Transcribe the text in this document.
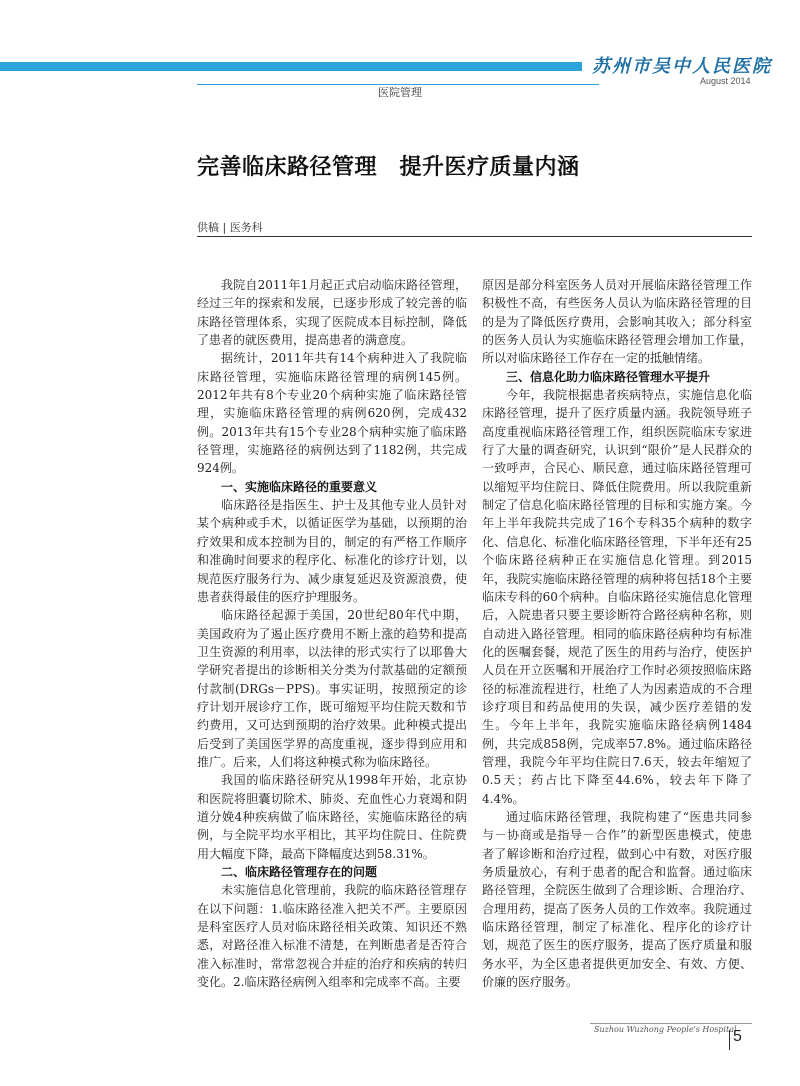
苏州市吴中人民医院
August 2014
医院管理
完善临床路径管理　提升医疗质量内涵
供稿 | 医务科

我院自2011年1月起正式启动临床路径管理，经过三年的探索和发展，已逐步形成了较完善的临床路径管理体系，实现了医院成本目标控制，降低了患者的就医费用，提高患者的满意度。

据统计，2011年共有14个病种进入了我院临床路径管理，实施临床路径管理的病例145例。2012年共有8个专业20个病种实施了临床路径管理，实施临床路径管理的病例620例，完成432例。2013年共有15个专业28个病种实施了临床路径管理，实施路径的病例达到了1182例，共完成924例。

一、实施临床路径的重要意义

临床路径是指医生、护士及其他专业人员针对某个病种或手术，以循证医学为基础，以预期的治疗效果和成本控制为目的，制定的有严格工作顺序和准确时间要求的程序化、标准化的诊疗计划，以规范医疗服务行为、减少康复延迟及资源浪费，使患者获得最佳的医疗护理服务。

临床路径起源于美国，20世纪80年代中期，美国政府为了遏止医疗费用不断上涨的趋势和提高卫生资源的利用率，以法律的形式实行了以耶鲁大学研究者提出的诊断相关分类为付款基础的定额预付款制(DRGs－PPS)。事实证明，按照预定的诊疗计划开展诊疗工作，既可缩短平均住院天数和节约费用，又可达到预期的治疗效果。此种模式提出后受到了美国医学界的高度重视，逐步得到应用和推广。后来，人们将这种模式称为临床路径。

我国的临床路径研究从1998年开始，北京协和医院将胆囊切除术、肺炎、充血性心力衰竭和阴道分娩4种疾病做了临床路径，实施临床路径的病例，与全院平均水平相比，其平均住院日、住院费用大幅度下降，最高下降幅度达到58.31%。

二、临床路径管理存在的问题

未实施信息化管理前，我院的临床路径管理存在以下问题：1.临床路径准入把关不严。主要原因是科室医疗人员对临床路径相关政策、知识还不熟悉，对路径准入标准不清楚，在判断患者是否符合准入标准时，常常忽视合并症的治疗和疾病的转归变化。2.临床路径病例入组率和完成率不高。主要

原因是部分科室医务人员对开展临床路径管理工作积极性不高，有些医务人员认为临床路径管理的目的是为了降低医疗费用，会影响其收入；部分科室的医务人员认为实施临床路径管理会增加工作量，所以对临床路径工作存在一定的抵触情绪。

三、信息化助力临床路径管理水平提升

今年，我院根据患者疾病特点，实施信息化临床路径管理，提升了医疗质量内涵。我院领导班子高度重视临床路径管理工作，组织医院临床专家进行了大量的调查研究，认识到“限价”是人民群众的一致呼声，合民心、顺民意，通过临床路径管理可以缩短平均住院日、降低住院费用。所以我院重新制定了信息化临床路径管理的目标和实施方案。今年上半年我院共完成了16个专科35个病种的数字化、信息化、标准化临床路径管理，下半年还有25个临床路径病种正在实施信息化管理。到2015年，我院实施临床路径管理的病种将包括18个主要临床专科的60个病种。自临床路径实施信息化管理后，入院患者只要主要诊断符合路径病种名称，则自动进入路径管理。相同的临床路径病种均有标准化的医嘱套餐，规范了医生的用药与治疗，使医护人员在开立医嘱和开展治疗工作时必须按照临床路径的标准流程进行，杜绝了人为因素造成的不合理诊疗项目和药品使用的失误，减少医疗差错的发生。今年上半年，我院实施临床路径病例1484例，共完成858例，完成率57.8%。通过临床路径管理，我院今年平均住院日7.6天，较去年缩短了0.5天；药占比下降至44.6%，较去年下降了4.4%。

通过临床路径管理，我院构建了“医患共同参与－协商或是指导－合作”的新型医患模式，使患者了解诊断和治疗过程，做到心中有数，对医疗服务质量放心，有利于患者的配合和监督。通过临床路径管理，全院医生做到了合理诊断、合理治疗、合理用药，提高了医务人员的工作效率。我院通过临床路径管理，制定了标准化、程序化的诊疗计划，规范了医生的医疗服务，提高了医疗质量和服务水平，为全区患者提供更加安全、有效、方便、价廉的医疗服务。

Suzhou Wuzhong People's Hospital
5
